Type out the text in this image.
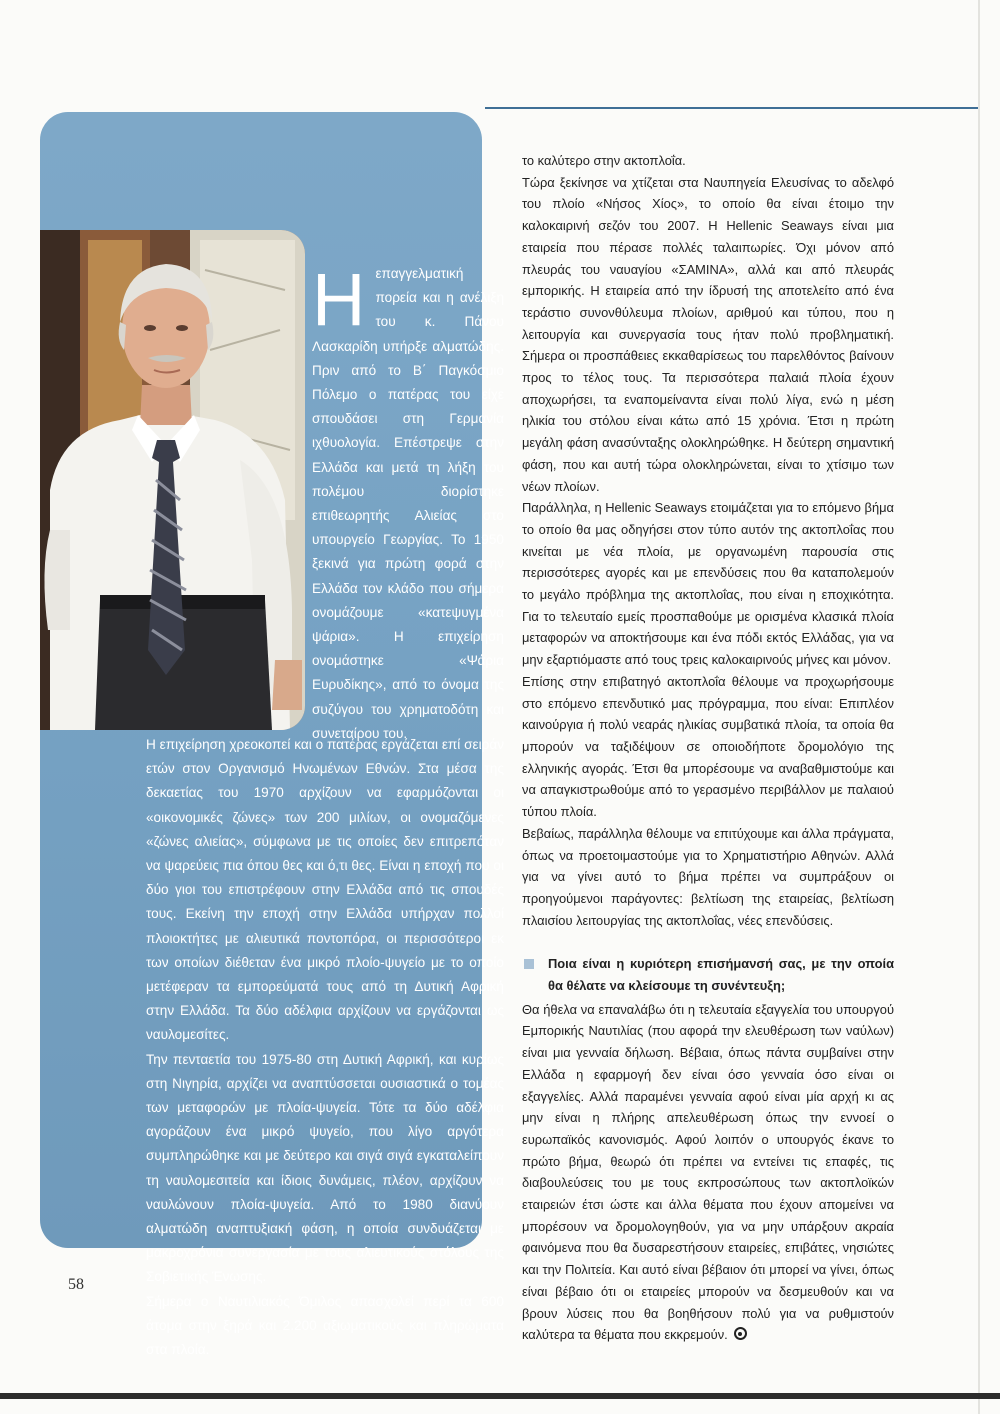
Η επαγγελματική πορεία και η ανέλιξη του κ. Πάνου Λασκαρίδη υπήρξε αλματώδης. Πριν από το Β΄ Παγκόσμιο Πόλεμο ο πατέρας του είχε σπουδάσει στη Γερμανία ιχθυολογία. Επέστρεψε στην Ελλάδα και μετά τη λήξη του πολέμου διορίστηκε επιθεωρητής Αλιείας στο υπουργείο Γεωργίας. Το 1950 ξεκινά για πρώτη φορά στην Ελλάδα τον κλάδο που σήμερα ονομάζουμε «κατεψυγμένα ψάρια». Η επιχείρηση ονομάστηκε «Ψάρια Ευρυδίκης», από το όνομα της συζύγου του χρηματοδότη και συνεταίρου του.

Η επιχείρηση χρεοκοπεί και ο πατέρας εργάζεται επί σειράν ετών στον Οργανισμό Ηνωμένων Εθνών. Στα μέσα της δεκαετίας του 1970 αρχίζουν να εφαρμόζονται οι «οικονομικές ζώνες» των 200 μιλίων, οι ονομαζόμενες «ζώνες αλιείας», σύμφωνα με τις οποίες δεν επιτρεπόταν να ψαρεύεις πια όπου θες και ό,τι θες. Είναι η εποχή που οι δύο γιοι του επιστρέφουν στην Ελλάδα από τις σπουδές τους. Εκείνη την εποχή στην Ελλάδα υπήρχαν πολλοί πλοιοκτήτες με αλιευτικά ποντοπόρα, οι περισσότεροι εκ των οποίων διέθεταν ένα μικρό πλοίο-ψυγείο με το οποίο μετέφεραν τα εμπορεύματά τους από τη Δυτική Αφρική στην Ελλάδα. Τα δύο αδέλφια αρχίζουν να εργάζονται ως ναυλομεσίτες.

Την πενταετία του 1975-80 στη Δυτική Αφρική, και κυρίως στη Νιγηρία, αρχίζει να αναπτύσσεται ουσιαστικά ο τομέας των μεταφορών με πλοία-ψυγεία. Τότε τα δύο αδέλφια αγοράζουν ένα μικρό ψυγείο, που λίγο αργότερα συμπληρώθηκε και με δεύτερο και σιγά σιγά εγκαταλείπουν τη ναυλομεσιτεία και ίδιοις δυνάμεις, πλέον, αρχίζουν να ναυλώνουν πλοία-ψυγεία. Από το 1980 διανύουν αλματώδη αναπτυξιακή φάση, η οποία συνδυάζεται με μακροχρόνια συνεργασία με τους αλιευτικούς στόλους της Σοβιετικής Ένωσης.

Σήμερα ο Ναυτιλιακός Όμιλος απασχολεί περί τα 600 άτομα στην ξηρά και 2.200 αξιωματικούς και πληρώματα στα πλοία.

το καλύτερο στην ακτοπλοΐα.

Τώρα ξεκίνησε να χτίζεται στα Ναυπηγεία Ελευσίνας το αδελφό του πλοίο «Νήσος Χίος», το οποίο θα είναι έτοιμο την καλοκαιρινή σεζόν του 2007. Η Hellenic Seaways είναι μια εταιρεία που πέρασε πολλές ταλαιπωρίες. Όχι μόνον από πλευράς του ναυαγίου «ΣΑΜΙΝΑ», αλλά και από πλευράς εμπορικής. Η εταιρεία από την ίδρυσή της αποτελείτο από ένα τεράστιο συνονθύλευμα πλοίων, αριθμού και τύπου, που η λειτουργία και συνεργασία τους ήταν πολύ προβληματική. Σήμερα οι προσπάθειες εκκαθαρίσεως του παρελθόντος βαίνουν προς το τέλος τους. Τα περισσότερα παλαιά πλοία έχουν αποχωρήσει, τα εναπομείναντα είναι πολύ λίγα, ενώ η μέση ηλικία του στόλου είναι κάτω από 15 χρόνια. Έτσι η πρώτη μεγάλη φάση ανασύνταξης ολοκληρώθηκε. Η δεύτερη σημαντική φάση, που και αυτή τώρα ολοκληρώνεται, είναι το χτίσιμο των νέων πλοίων.

Παράλληλα, η Hellenic Seaways ετοιμάζεται για το επόμενο βήμα το οποίο θα μας οδηγήσει στον τύπο αυτόν της ακτοπλοΐας που κινείται με νέα πλοία, με οργανωμένη παρουσία στις περισσότερες αγορές και με επενδύσεις που θα καταπολεμούν το μεγάλο πρόβλημα της ακτοπλοΐας, που είναι η εποχικότητα. Για το τελευταίο εμείς προσπαθούμε με ορισμένα κλασικά πλοία μεταφορών να αποκτήσουμε και ένα πόδι εκτός Ελλάδας, για να μην εξαρτιόμαστε από τους τρεις καλοκαιρινούς μήνες και μόνον.

Επίσης στην επιβατηγό ακτοπλοΐα θέλουμε να προχωρήσουμε στο επόμενο επενδυτικό μας πρόγραμμα, που είναι: Επιπλέον καινούργια ή πολύ νεαράς ηλικίας συμβατικά πλοία, τα οποία θα μπορούν να ταξιδέψουν σε οποιοδήποτε δρομολόγιο της ελληνικής αγοράς. Έτσι θα μπορέσουμε να αναβαθμιστούμε και να απαγκιστρωθούμε από το γερασμένο περιβάλλον με παλαιού τύπου πλοία.

Βεβαίως, παράλληλα θέλουμε να επιτύχουμε και άλλα πράγματα, όπως να προετοιμαστούμε για το Χρηματιστήριο Αθηνών. Αλλά για να γίνει αυτό το βήμα πρέπει να συμπράξουν οι προηγούμενοι παράγοντες: βελτίωση της εταιρείας, βελτίωση πλαισίου λειτουργίας της ακτοπλοΐας, νέες επενδύσεις.

Ποια είναι η κυριότερη επισήμανσή σας, με την οποία θα θέλατε να κλείσουμε τη συνέντευξη;

Θα ήθελα να επαναλάβω ότι η τελευταία εξαγγελία του υπουργού Εμπορικής Ναυτιλίας (που αφορά την ελευθέρωση των ναύλων) είναι μια γενναία δήλωση. Βέβαια, όπως πάντα συμβαίνει στην Ελλάδα η εφαρμογή δεν είναι όσο γενναία όσο είναι οι εξαγγελίες. Αλλά παραμένει γενναία αφού είναι μία αρχή κι ας μην είναι η πλήρης απελευθέρωση όπως την εννοεί ο ευρωπαϊκός κανονισμός. Αφού λοιπόν ο υπουργός έκανε το πρώτο βήμα, θεωρώ ότι πρέπει να εντείνει τις επαφές, τις διαβουλεύσεις του με τους εκπροσώπους των ακτοπλοϊκών εταιρειών έτσι ώστε και άλλα θέματα που έχουν απομείνει να μπορέσουν να δρομολογηθούν, για να μην υπάρξουν ακραία φαινόμενα που θα δυσαρεστήσουν εταιρείες, επιβάτες, νησιώτες και την Πολιτεία. Και αυτό είναι βέβαιον ότι μπορεί να γίνει, όπως είναι βέβαιο ότι οι εταιρείες μπορούν να δεσμευθούν και να βρουν λύσεις που θα βοηθήσουν πολύ για να ρυθμιστούν καλύτερα τα θέματα που εκκρεμούν.

58
